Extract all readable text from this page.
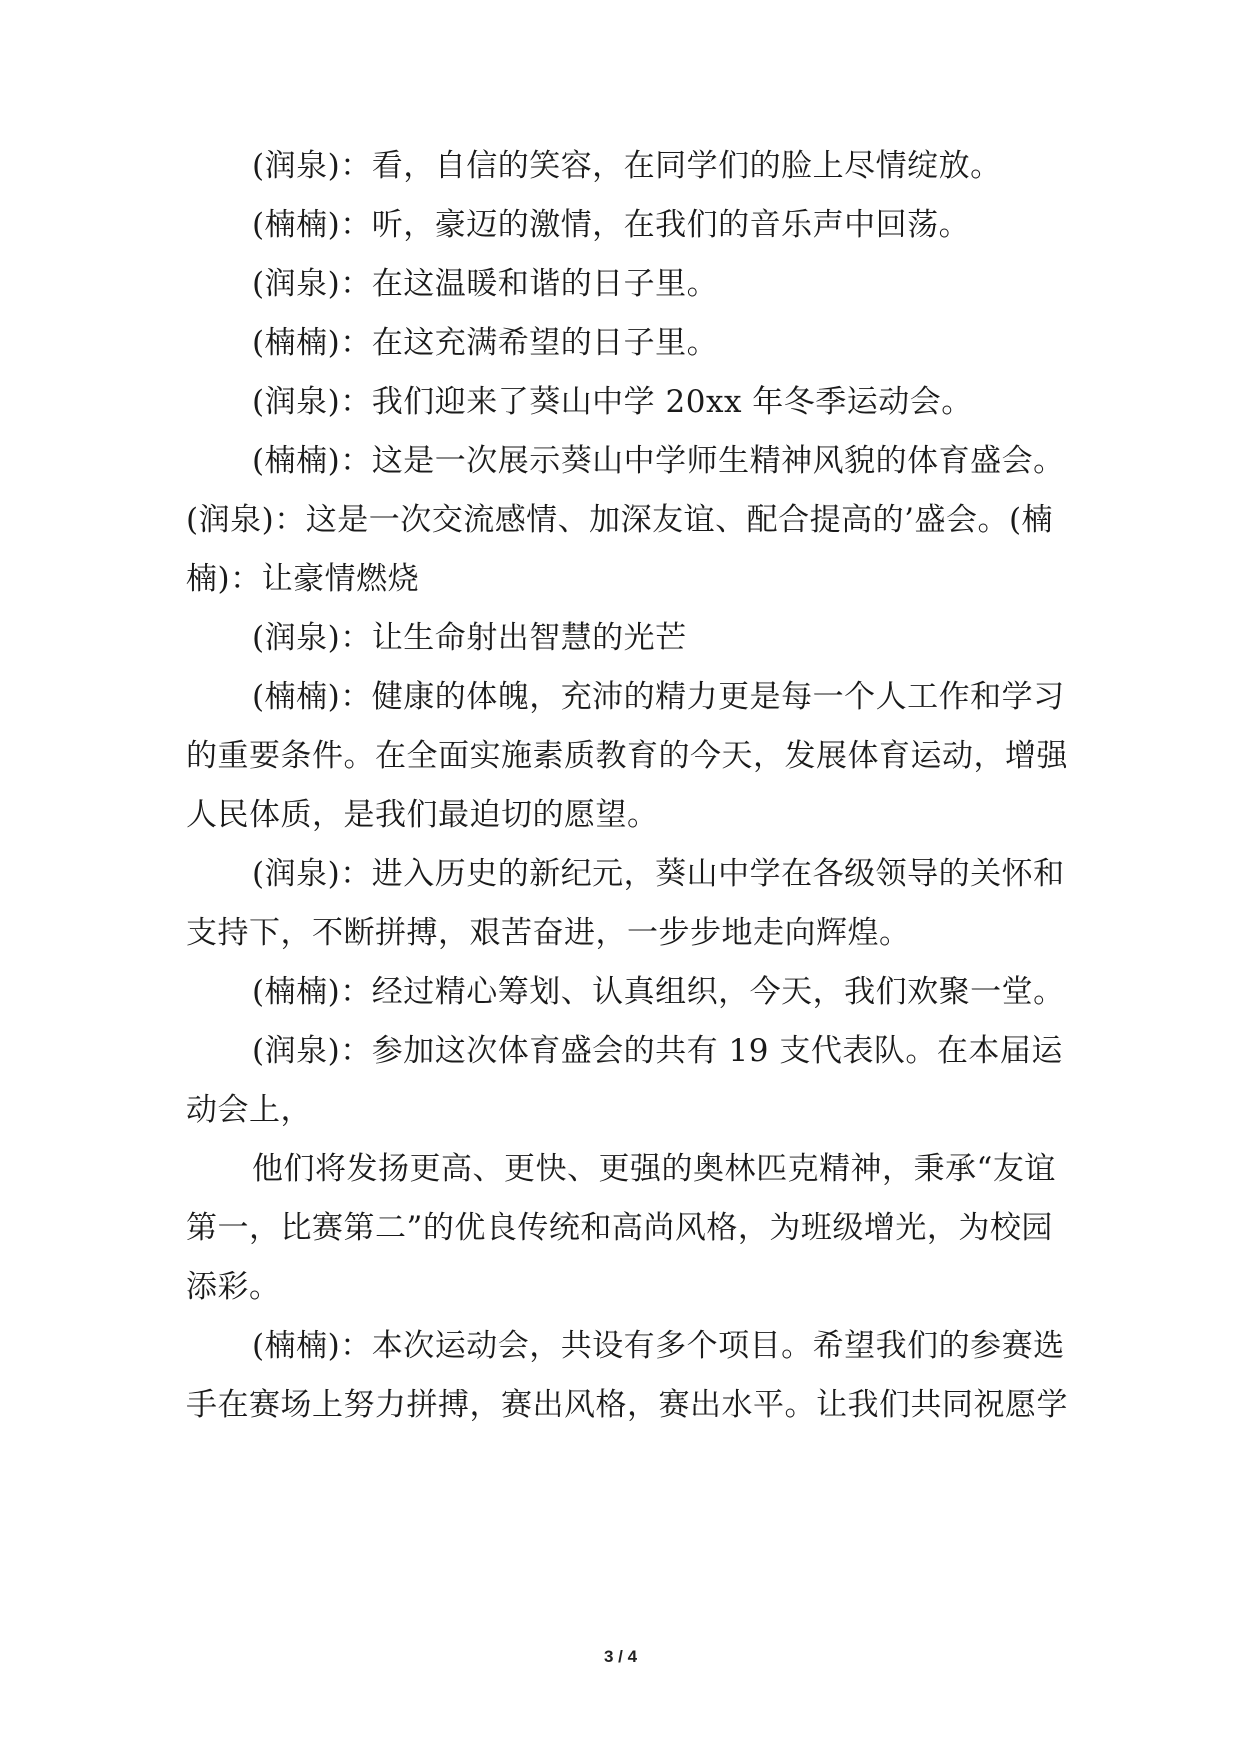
(润泉)：看，自信的笑容，在同学们的脸上尽情绽放。
(楠楠)：听，豪迈的激情，在我们的音乐声中回荡。
(润泉)：在这温暖和谐的日子里。
(楠楠)：在这充满希望的日子里。
(润泉)：我们迎来了葵山中学 20xx 年冬季运动会。
(楠楠)：这是一次展示葵山中学师生精神风貌的体育盛会。
(润泉)：这是一次交流感情、加深友谊、配合提高的’盛会。(楠
楠)：让豪情燃烧
(润泉)：让生命射出智慧的光芒
(楠楠)：健康的体魄，充沛的精力更是每一个人工作和学习
的重要条件。在全面实施素质教育的今天，发展体育运动，增强
人民体质，是我们最迫切的愿望。
(润泉)：进入历史的新纪元，葵山中学在各级领导的关怀和
支持下，不断拼搏，艰苦奋进，一步步地走向辉煌。
(楠楠)：经过精心筹划、认真组织，今天，我们欢聚一堂。
(润泉)：参加这次体育盛会的共有 19 支代表队。在本届运
动会上，
他们将发扬更高、更快、更强的奥林匹克精神，秉承“友谊
第一，比赛第二”的优良传统和高尚风格，为班级增光，为校园
添彩。
(楠楠)：本次运动会，共设有多个项目。希望我们的参赛选
手在赛场上努力拼搏，赛出风格，赛出水平。让我们共同祝愿学
3 / 4
